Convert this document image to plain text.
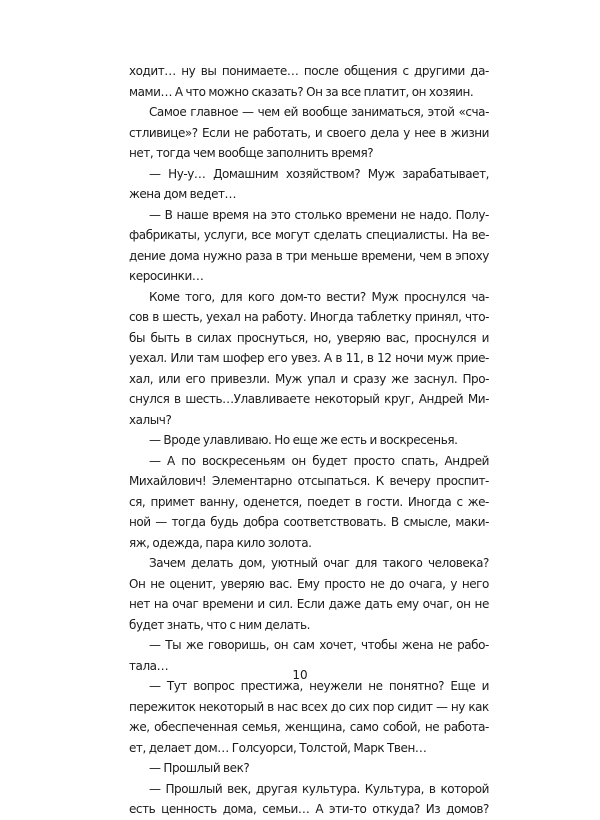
ходит… ну вы понимаете… после общения с другими да-
мами… А что можно сказать? Он за все платит, он хозяин.
Самое главное — чем ей вообще заниматься, этой «сча-
стливице»? Если не работать, и своего дела у нее в жизни
нет, тогда чем вообще заполнить время?
— Ну-у… Домашним хозяйством? Муж зарабатывает,
жена дом ведет…
— В наше время на это столько времени не надо. Полу-
фабрикаты, услуги, все могут сделать специалисты. На ве-
дение дома нужно раза в три меньше времени, чем в эпоху
керосинки…
Коме того, для кого дом-то вести? Муж проснулся ча-
сов в шесть, уехал на работу. Иногда таблетку принял, что-
бы быть в силах проснуться, но, уверяю вас, проснулся и
уехал. Или там шофер его увез. А в 11, в 12 ночи муж прие-
хал, или его привезли. Муж упал и сразу же заснул. Про-
снулся в шесть…Улавливаете некоторый круг, Андрей Ми-
халыч?
— Вроде улавливаю. Но еще же есть и воскресенья.
— А по воскресеньям он будет просто спать, Андрей
Михайлович! Элементарно отсыпаться. К вечеру проспит-
ся, примет ванну, оденется, поедет в гости. Иногда с же-
ной — тогда будь добра соответствовать. В смысле, маки-
яж, одежда, пара кило золота.
Зачем делать дом, уютный очаг для такого человека?
Он не оценит, уверяю вас. Ему просто не до очага, у него
нет на очаг времени и сил. Если даже дать ему очаг, он не
будет знать, что с ним делать.
— Ты же говоришь, он сам хочет, чтобы жена не рабо-
тала…
— Тут вопрос престижа, неужели не понятно? Еще и
пережиток некоторый в нас всех до сих пор сидит — ну как
же, обеспеченная семья, женщина, само собой, не работа-
ет, делает дом… Голсуорси, Толстой, Марк Твен…
— Прошлый век?
— Прошлый век, другая культура. Культура, в которой
есть ценность дома, семьи… А эти-то откуда? Из домов?
10
